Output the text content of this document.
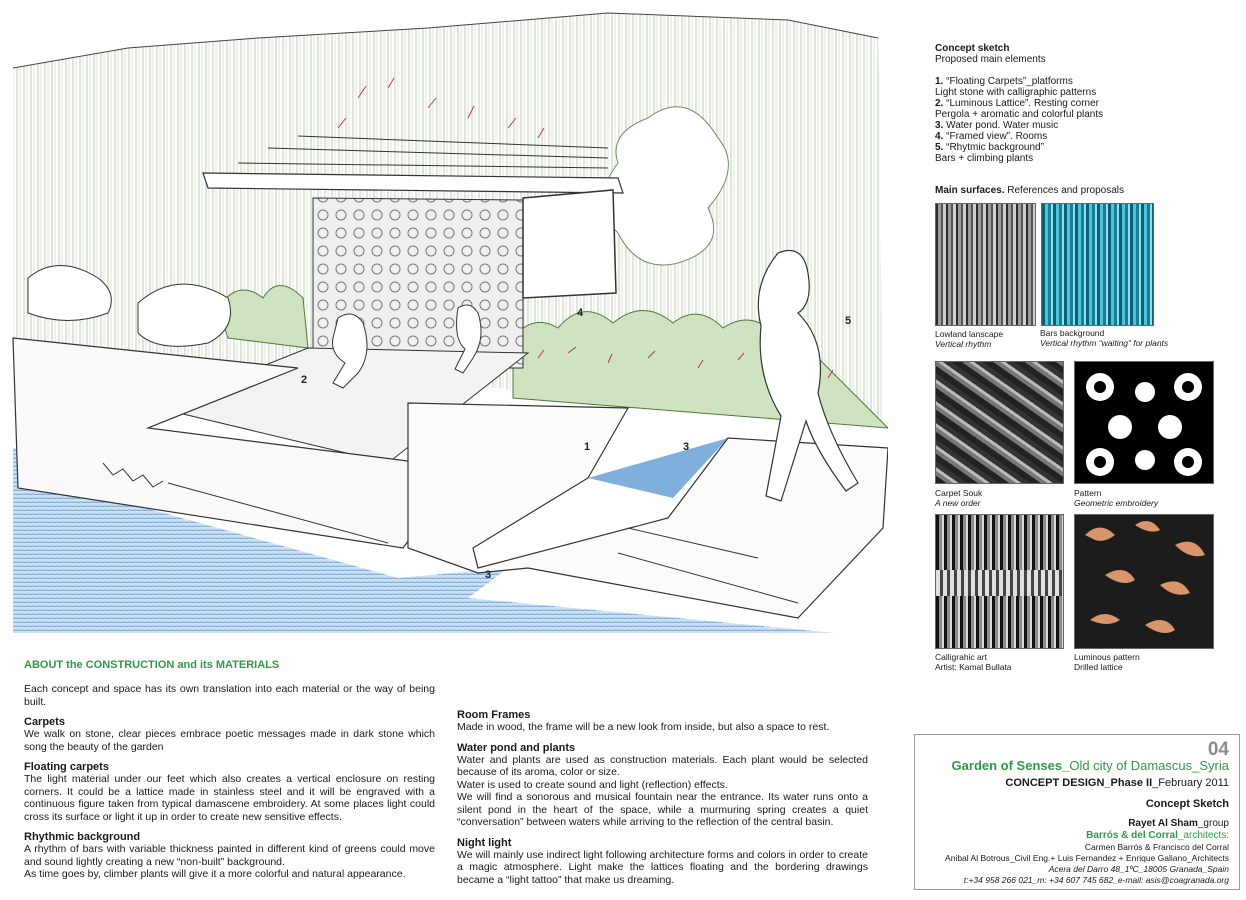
2
1	3
3
4
5
Concept sketch
Proposed main elements
1. “Floating Carpets”_platforms
Light stone with calligraphic patterns
2. “Luminous Lattice”. Resting corner
Pergola + aromatic and colorful plants
3. Water pond. Water music
4. “Framed view”. Rooms
5. “Rhytmic background”
Bars + climbing plants
Main surfaces. References and proposals
Lowland lanscape
Vertical rhythm
Bars background
Vertical rhythm “waiting” for plants
Carpet Souk
A new order
Pattern
Geometric embroidery
Calligrahic art
Artist: Kamal Bullata
Luminous pattern
Drilled lattice
ABOUT the CONSTRUCTION and its MATERIALS
Each concept and space has its own translation into each material or the way of being built.
Carpets
We walk on stone, clear pieces embrace poetic messages made in dark stone which song the beauty of the garden
Floating carpets
The light material under our feet which also creates a vertical enclosure on resting corners. It could be a lattice made in stainless steel and it will be engraved with a continuous figure taken from typical damascene embroidery. At some places light could cross its surface or light it up in order to create new sensitive effects.
Rhythmic background
A rhythm of bars with variable thickness painted in different kind of greens could move and sound lightly creating a new “non-built” background.
As time goes by, climber plants will give it a more colorful and natural appearance.
Room Frames
Made in wood, the frame will be a new look from inside, but also a space to rest.
Water pond and plants
Water and plants are used as construction materials. Each plant would be selected because of its aroma, color or size.
Water is used to create sound and light (reflection) effects.
We will find a sonorous and musical fountain near the entrance. Its water runs onto a silent pond in the heart of the space, while a murmuring spring creates a quiet “conversation” between waters while arriving to the reflection of the central basin.
Night light
We will mainly use indirect light following architecture forms and colors in order to create a magic atmosphere. Light make the lattices floating and the bordering drawings became a “light tattoo” that make us dreaming.
04
Garden of Senses_Old city of Damascus_Syria
CONCEPT DESIGN_Phase II_February 2011
Concept Sketch
Rayet Al Sham_group
Barrós & del Corral_architects:
Carmen Barrós & Francisco del Corral
Anibal Al Botrous_Civil Eng.+ Luis Fernandez + Enrique Galiano_Architects
Acera del Darro 48_1ºC_18005 Granada_Spain
t:+34 958 266 021_m: +34 607 745 682_e-mail: asis@coagranada.org
